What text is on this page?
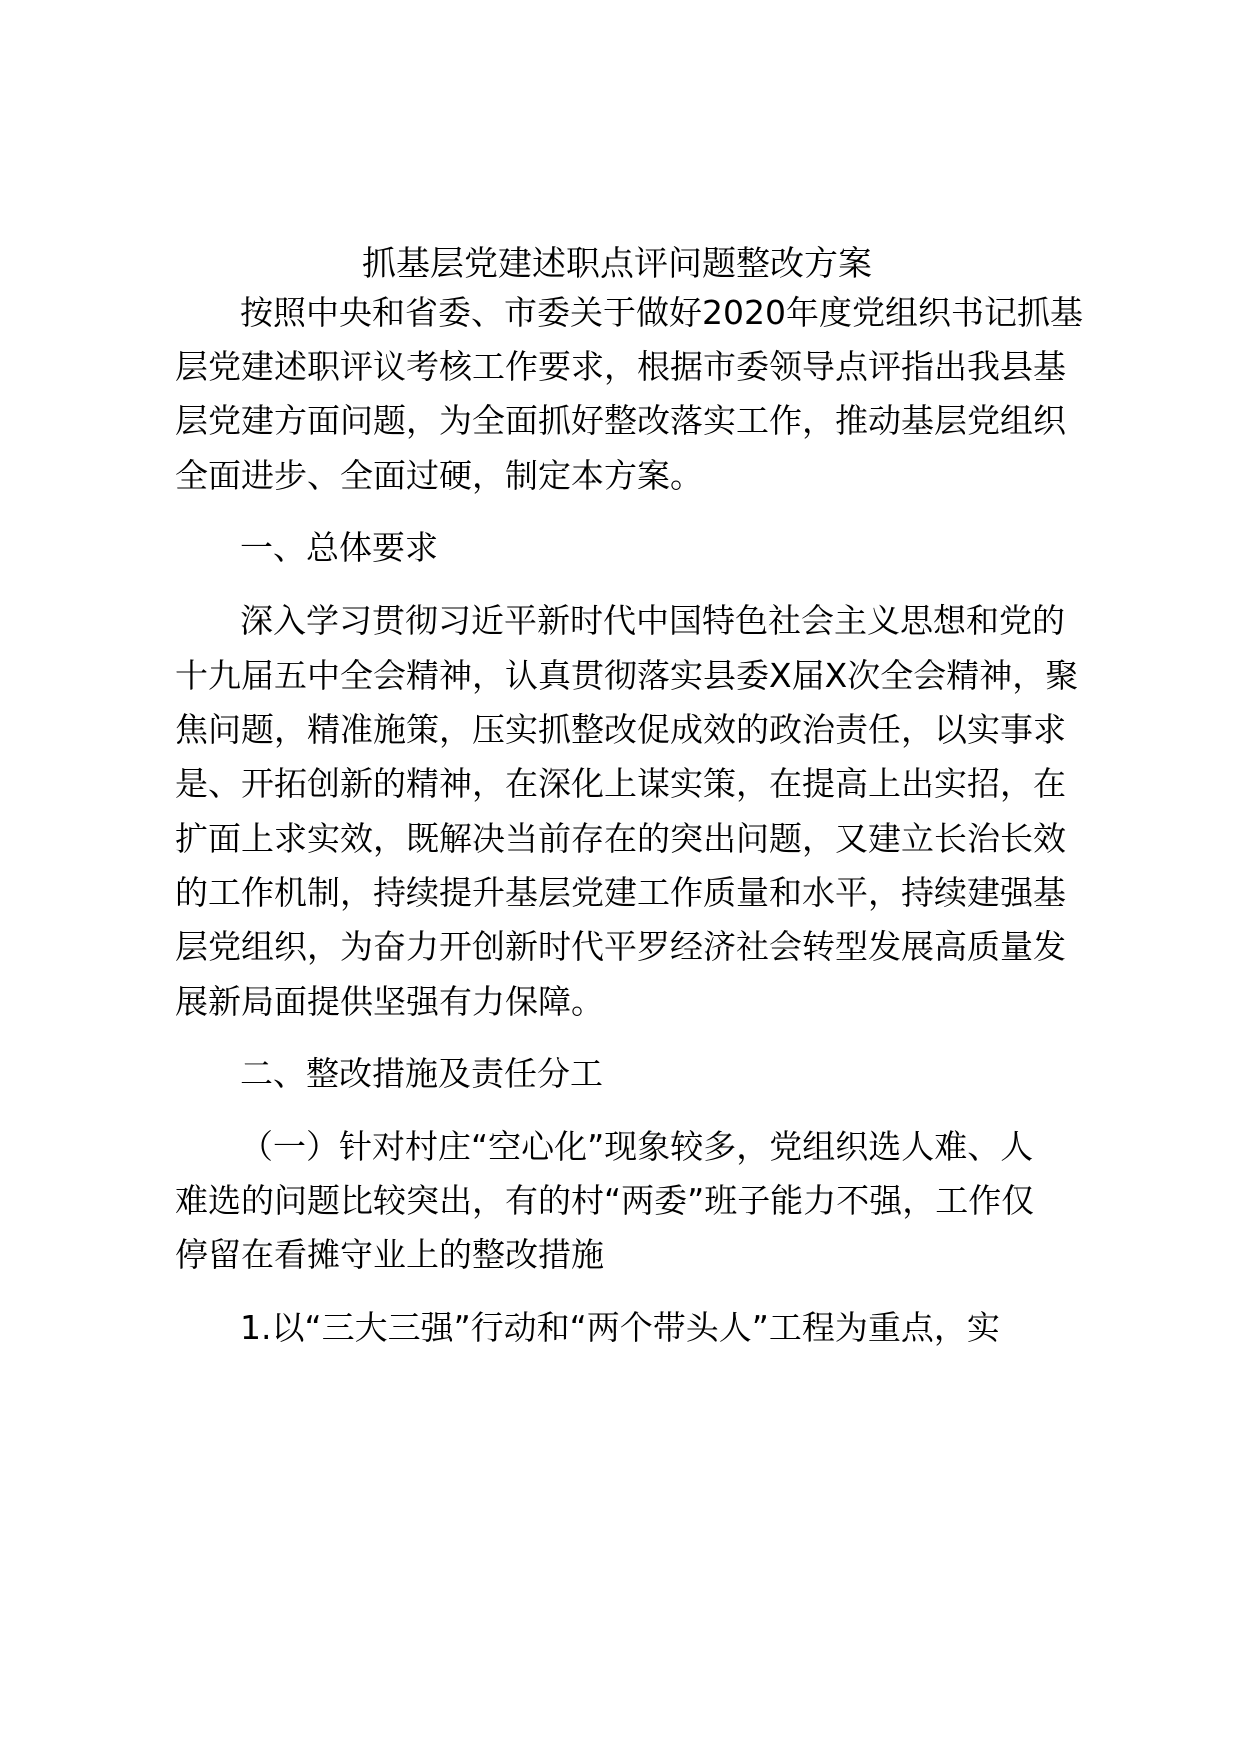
抓基层党建述职点评问题整改方案
按照中央和省委、市委关于做好2020年度党组织书记抓基
层党建述职评议考核工作要求，根据市委领导点评指出我县基
层党建方面问题，为全面抓好整改落实工作，推动基层党组织
全面进步、全面过硬，制定本方案。
一、总体要求
深入学习贯彻习近平新时代中国特色社会主义思想和党的
十九届五中全会精神，认真贯彻落实县委X届X次全会精神，聚
焦问题，精准施策，压实抓整改促成效的政治责任，以实事求
是、开拓创新的精神，在深化上谋实策，在提高上出实招，在
扩面上求实效，既解决当前存在的突出问题，又建立长治长效
的工作机制，持续提升基层党建工作质量和水平，持续建强基
层党组织，为奋力开创新时代平罗经济社会转型发展高质量发
展新局面提供坚强有力保障。
二、整改措施及责任分工
（一）针对村庄“空心化”现象较多，党组织选人难、人
难选的问题比较突出，有的村“两委”班子能力不强，工作仅
停留在看摊守业上的整改措施
1.以“三大三强”行动和“两个带头人”工程为重点，实
